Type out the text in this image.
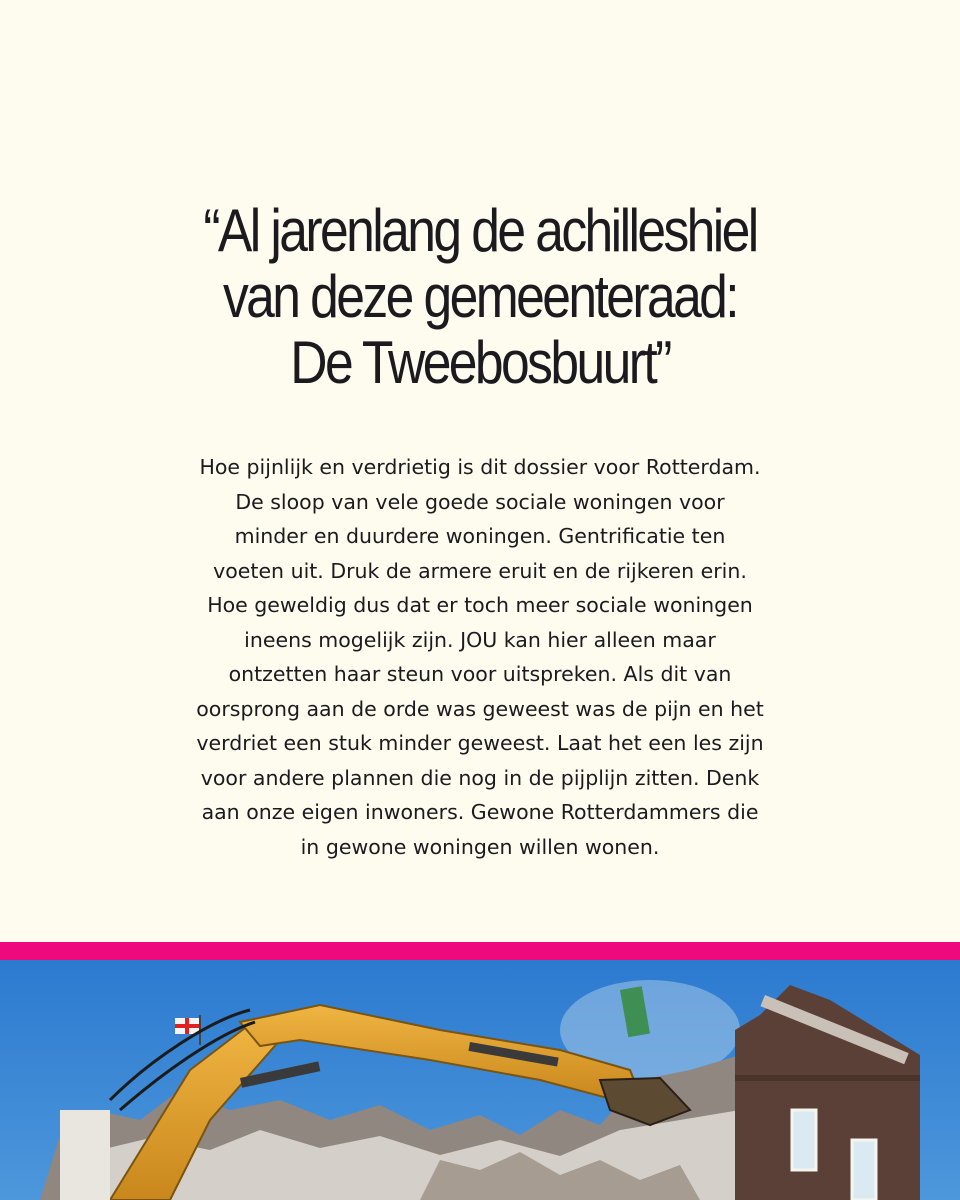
“Al jarenlang de achilleshiel
van deze gemeenteraad:
De Tweebosbuurt”

Hoe pijnlijk en verdrietig is dit dossier voor Rotterdam.
De sloop van vele goede sociale woningen voor
minder en duurdere woningen. Gentrificatie ten
voeten uit. Druk de armere eruit en de rijkeren erin.
Hoe geweldig dus dat er toch meer sociale woningen
ineens mogelijk zijn. JOU kan hier alleen maar
ontzetten haar steun voor uitspreken. Als dit van
oorsprong aan de orde was geweest was de pijn en het
verdriet een stuk minder geweest. Laat het een les zijn
voor andere plannen die nog in de pijplijn zitten. Denk
aan onze eigen inwoners. Gewone Rotterdammers die
in gewone woningen willen wonen.
